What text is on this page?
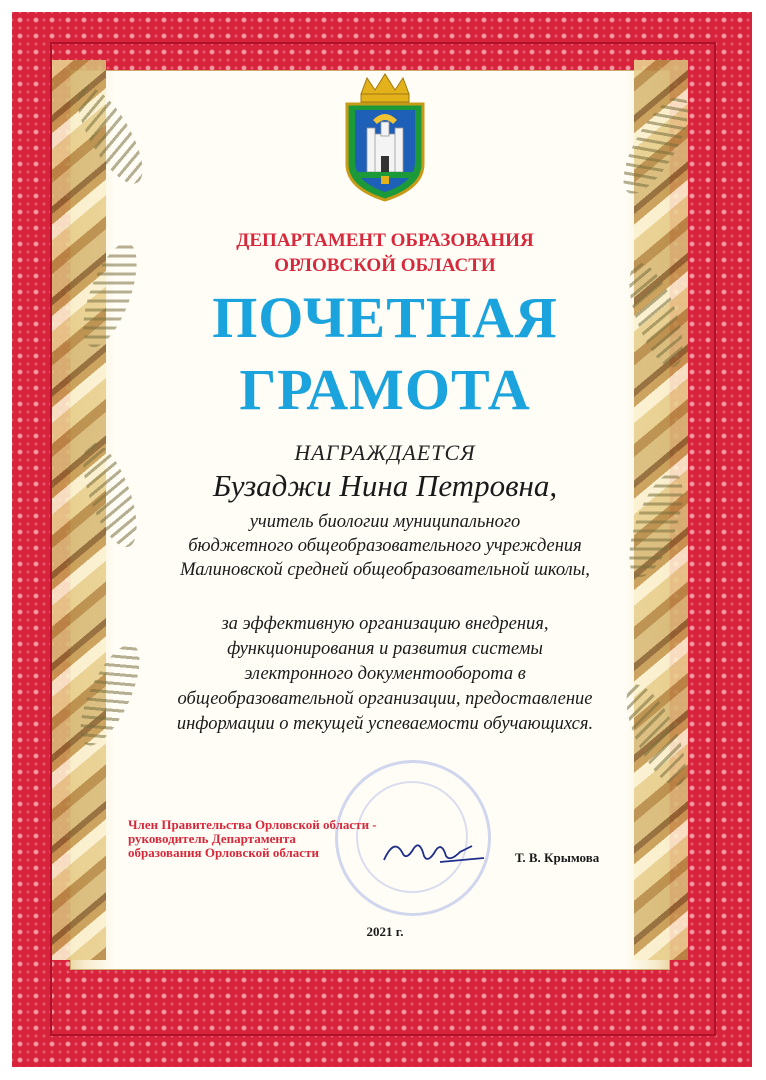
ДЕПАРТАМЕНТ ОБРАЗОВАНИЯ
ОРЛОВСКОЙ ОБЛАСТИ
ПОЧЕТНАЯ
ГРАМОТА
НАГРАЖДАЕТСЯ
Бузаджи Нина Петровна,
учитель биологии муниципального
бюджетного общеобразовательного учреждения
Малиновской средней общеобразовательной школы,
за эффективную организацию внедрения,
функционирования и развития системы
электронного документооборота в
общеобразовательной организации, предоставление
информации о текущей успеваемости обучающихся.
Член Правительства Орловской области -
руководитель Департамента
образования Орловской области	Т. В. Крымова
2021 г.
